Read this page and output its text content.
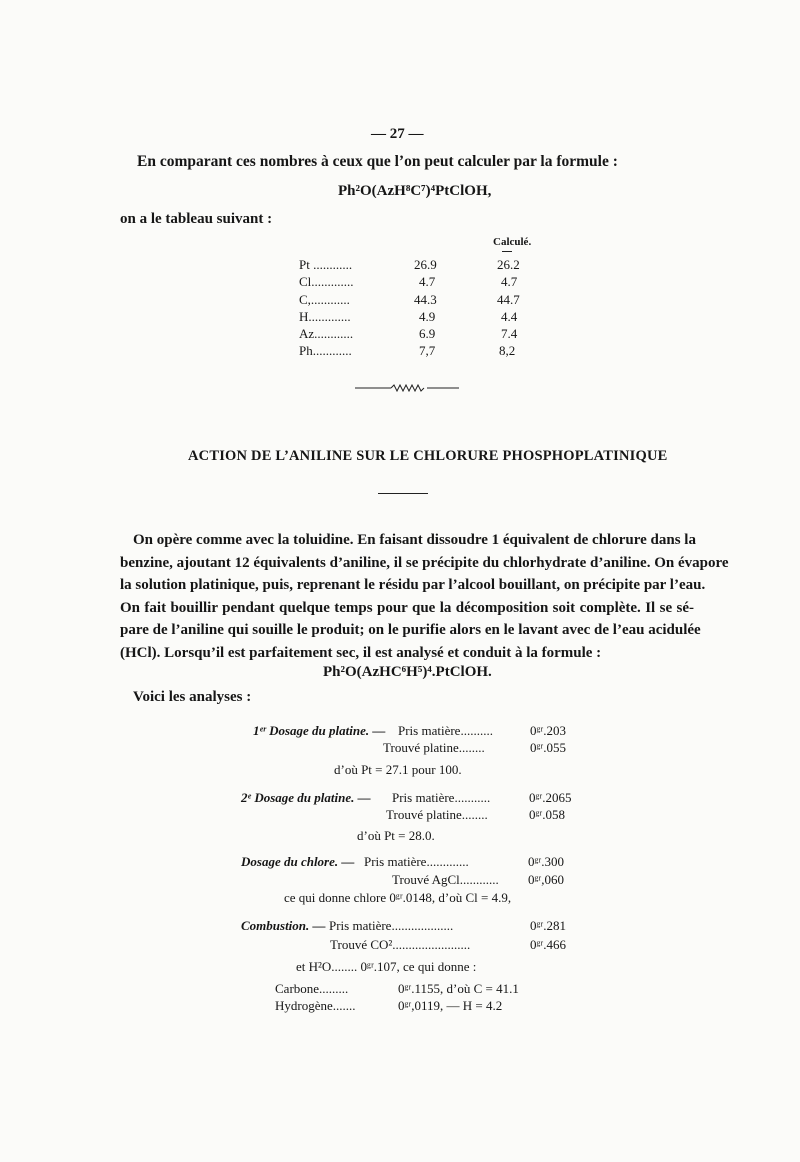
— 27 —
En comparant ces nombres à ceux que l’on peut calculer par la formule :
Ph²O(AzH⁸C⁷)⁴PtClOH,
on a le tableau suivant :
Calculé.
Pt ............	26.9	26.2
Cl.............	4.7	4.7
C,............	44.3	44.7
H.............	4.9	4.4
Az............	6.9	7.4
Ph............	7,7	8,2
ACTION DE L’ANILINE SUR LE CHLORURE PHOSPHOPLATINIQUE
On opère comme avec la toluidine. En faisant dissoudre 1 équivalent de chlorure dans la
benzine, ajoutant 12 équivalents d’aniline, il se précipite du chlorhydrate d’aniline. On évapore
la solution platinique, puis, reprenant le résidu par l’alcool bouillant, on précipite par l’eau.
On fait bouillir pendant quelque temps pour que la décomposition soit complète. Il se sé-
pare de l’aniline qui souille le produit; on le purifie alors en le lavant avec de l’eau acidulée
(HCl). Lorsqu’il est parfaitement sec, il est analysé et conduit à la formule :
Ph²O(AzHC⁶H⁵)⁴.PtClOH.
Voici les analyses :
1ᵉʳ Dosage du platine. — Pris matière..........	0ᵍʳ.203
Trouvé platine........	0ᵍʳ.055
d’où Pt = 27.1 pour 100.
2ᵉ Dosage du platine. — Pris matière...........	0ᵍʳ.2065
Trouvé platine........	0ᵍʳ.058
d’où Pt = 28.0.
Dosage du chlore. — Pris matière.............	0ᵍʳ.300
Trouvé AgCl............ 0ᵍʳ,060
ce qui donne chlore 0ᵍʳ.0148, d’où Cl = 4.9,
Combustion. — Pris matière...................	0ᵍʳ.281
Trouvé CO²........................	0ᵍʳ.466
et H²O........ 0ᵍʳ.107, ce qui donne :
Carbone.........	0ᵍʳ.1155, d’où C = 41.1
Hydrogène.......	0ᵍʳ,0119, — H = 4.2
